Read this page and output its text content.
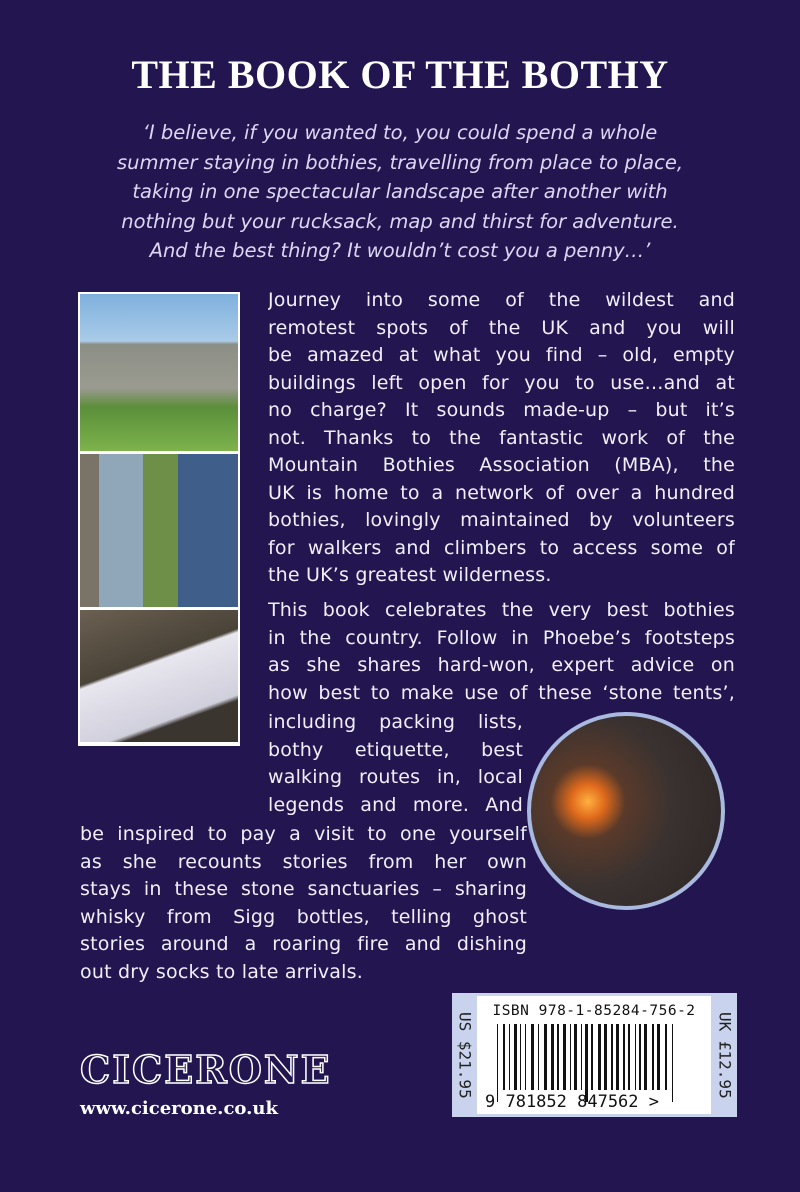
THE BOOK OF THE BOTHY
‘I believe, if you wanted to, you could spend a whole
summer staying in bothies, travelling from place to place,
taking in one spectacular landscape after another with
nothing but your rucksack, map and thirst for adventure.
And the best thing? It wouldn’t cost you a penny…’
Journey into some of the wildest and
remotest spots of the UK and you will
be amazed at what you find – old, empty
buildings left open for you to use…and at
no charge? It sounds made-up – but it’s
not. Thanks to the fantastic work of the
Mountain Bothies Association (MBA), the
UK is home to a network of over a hundred
bothies, lovingly maintained by volunteers
for walkers and climbers to access some of
the UK’s greatest wilderness.
This book celebrates the very best bothies
in the country. Follow in Phoebe’s footsteps
as she shares hard-won, expert advice on
how best to make use of these ‘stone tents’,
including packing lists,
bothy etiquette, best
walking routes in, local
legends and more. And
be inspired to pay a visit to one yourself
as she recounts stories from her own
stays in these stone sanctuaries – sharing
whisky from Sigg bottles, telling ghost
stories around a roaring fire and dishing
out dry socks to late arrivals.
US $21.95
ISBN 978-1-85284-756-2
9 781852 847562 >
UK £12.95
CICERONE
www.cicerone.co.uk
